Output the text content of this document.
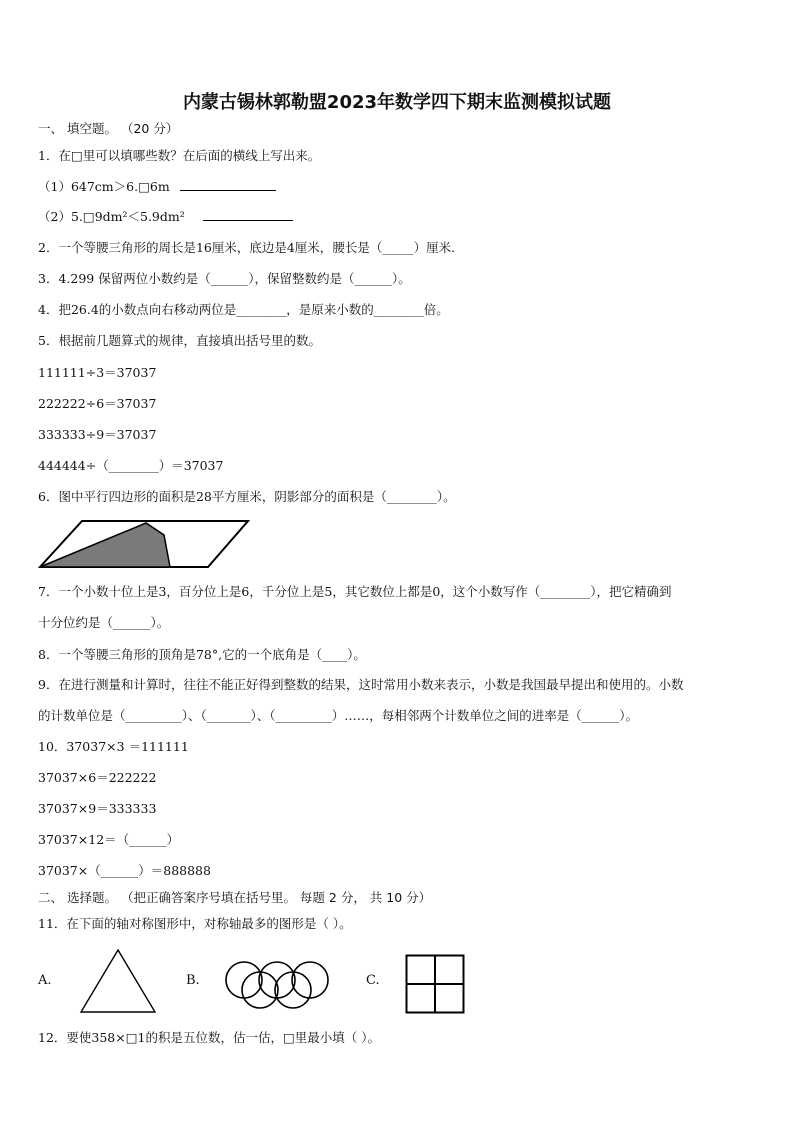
内蒙古锡林郭勒盟2023年数学四下期末监测模拟试题
一、 填空题。 （20 分）
1．在□里可以填哪些数？在后面的横线上写出来。
（1）647cm＞6.□6m
（2）5.□9dm²＜5.9dm²
2．一个等腰三角形的周长是16厘米，底边是4厘米，腰长是（_____）厘米.
3．4.299 保留两位小数约是（______），保留整数约是（______）。
4．把26.4的小数点向右移动两位是________，是原来小数的________倍。
5．根据前几题算式的规律，直接填出括号里的数。
111111÷3＝37037
222222÷6＝37037
333333÷9＝37037
444444÷（________）＝37037
6．图中平行四边形的面积是28平方厘米，阴影部分的面积是（________）。
7．一个小数十位上是3，百分位上是6，千分位上是5，其它数位上都是0，这个小数写作（________），把它精确到
十分位约是（______）。
8．一个等腰三角形的顶角是78°,它的一个底角是（____）。
9．在进行测量和计算时，往往不能正好得到整数的结果，这时常用小数来表示，小数是我国最早提出和使用的。小数
的计数单位是（_________）、（_______）、（_________）……，每相邻两个计数单位之间的进率是（______）。
10．37037×3 ＝111111
37037×6＝222222
37037×9＝333333
37037×12＝（______）
37037×（______）＝888888
二、 选择题。 （把正确答案序号填在括号里。 每题 2 分， 共 10 分）
11．在下面的轴对称图形中，对称轴最多的图形是（ ）。
A.	B.	C.
12．要使358×□1的积是五位数，估一估，□里最小填（ ）。
